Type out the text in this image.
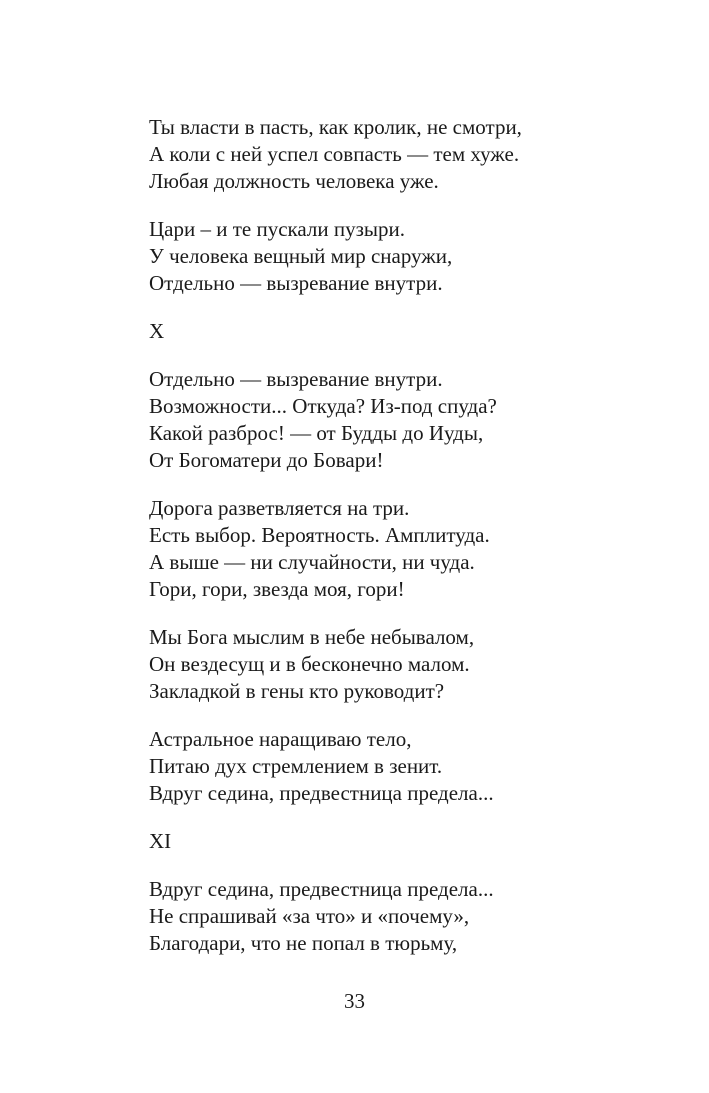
Ты власти в пасть, как кролик, не смотри,
А коли с ней успел совпасть — тем хуже.
Любая должность человека уже.
Цари – и те пускали пузыри.
У человека вещный мир снаружи,
Отдельно — вызревание внутри.
X
Отдельно — вызревание внутри.
Возможности... Откуда? Из-под спуда?
Какой разброс! — от Будды до Иуды,
От Богоматери до Бовари!
Дорога разветвляется на три.
Есть выбор. Вероятность. Амплитуда.
А выше — ни случайности, ни чуда.
Гори, гори, звезда моя, гори!
Мы Бога мыслим в небе небывалом,
Он вездесущ и в бесконечно малом.
Закладкой в гены кто руководит?
Астральное наращиваю тело,
Питаю дух стремлением в зенит.
Вдруг седина, предвестница предела...
XI
Вдруг седина, предвестница предела...
Не спрашивай «за что» и «почему»,
Благодари, что не попал в тюрьму,
33
